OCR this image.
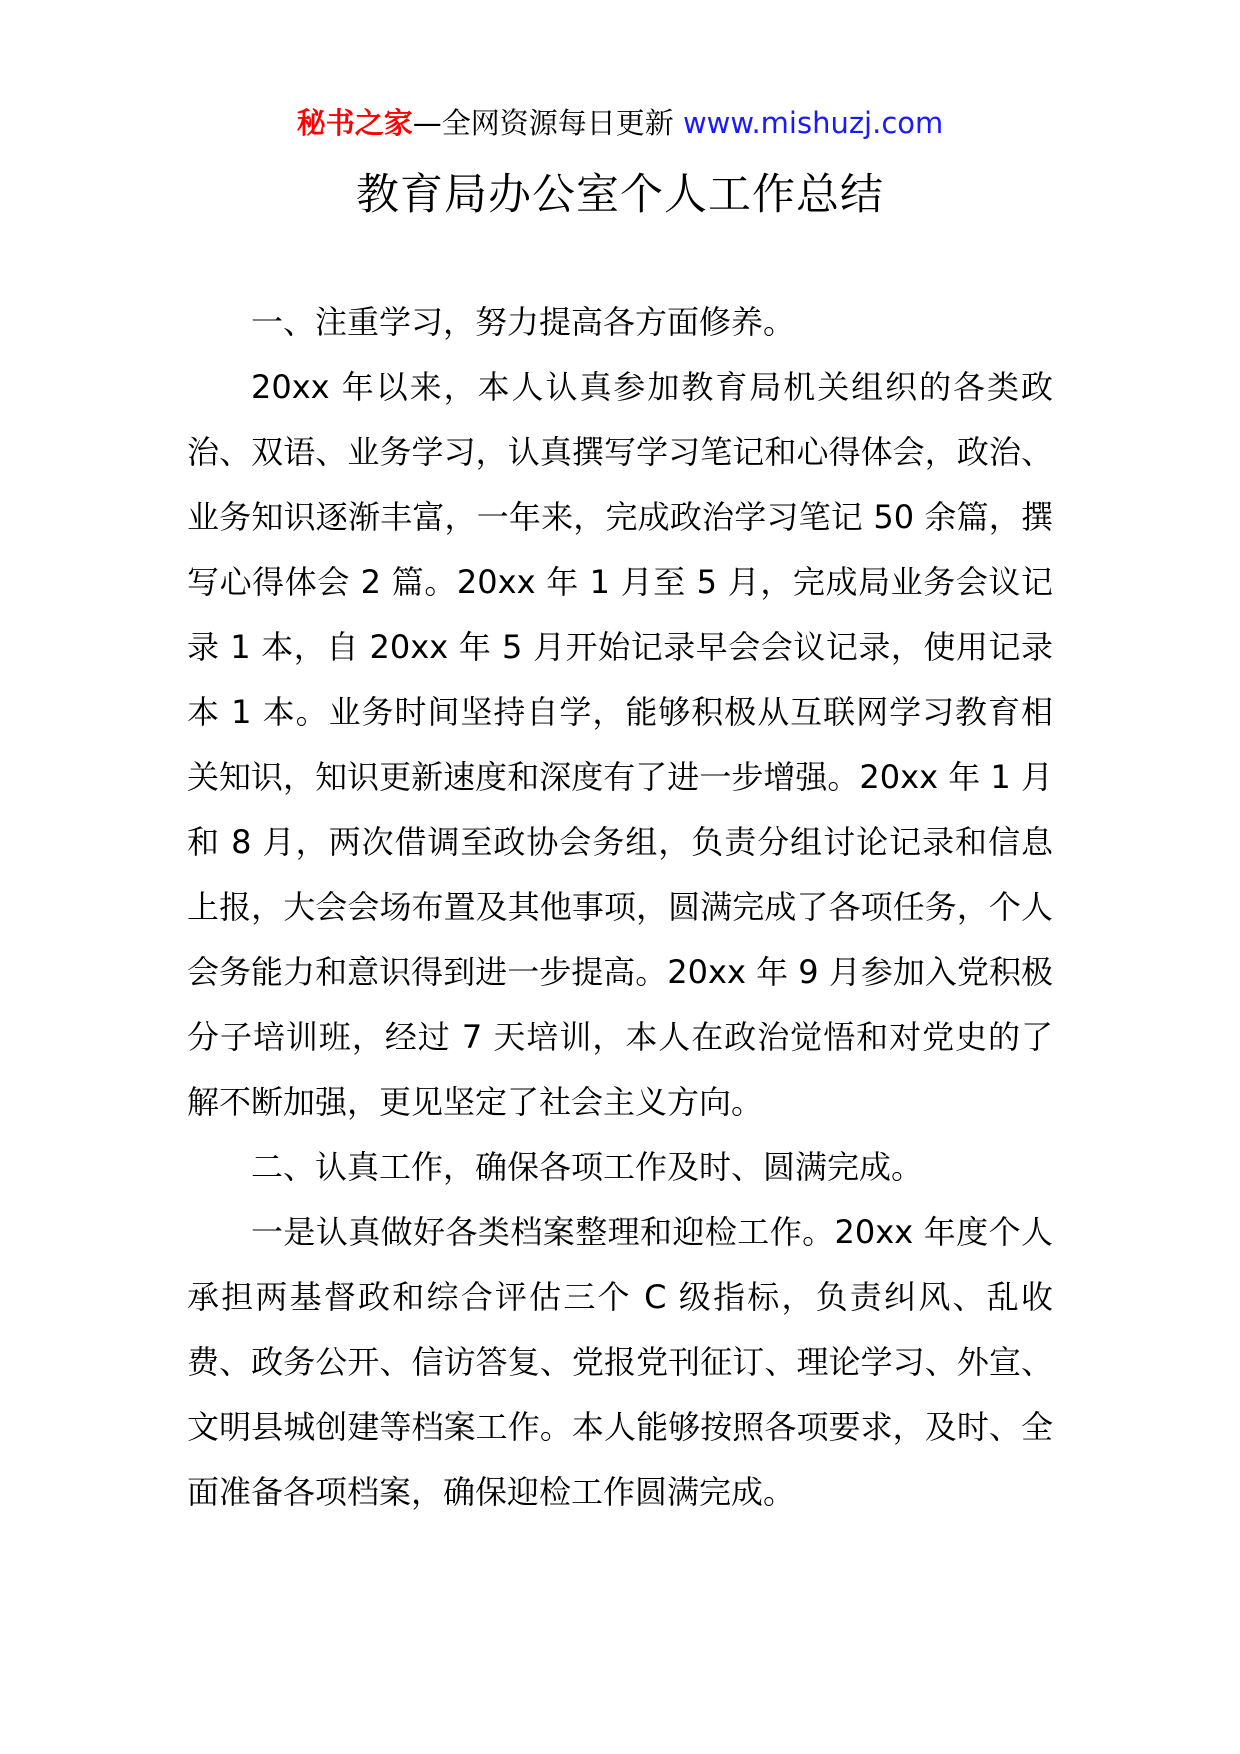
秘书之家—全网资源每日更新 www.mishuzj.com
教育局办公室个人工作总结

一、注重学习，努力提高各方面修养。

20xx 年以来，本人认真参加教育局机关组织的各类政治、双语、业务学习，认真撰写学习笔记和心得体会，政治、业务知识逐渐丰富，一年来，完成政治学习笔记 50 余篇，撰写心得体会 2 篇。20xx 年 1 月至 5 月，完成局业务会议记录 1 本，自 20xx 年 5 月开始记录早会会议记录，使用记录本 1 本。业务时间坚持自学，能够积极从互联网学习教育相关知识，知识更新速度和深度有了进一步增强。20xx 年 1 月和 8 月，两次借调至政协会务组，负责分组讨论记录和信息上报，大会会场布置及其他事项，圆满完成了各项任务，个人会务能力和意识得到进一步提高。20xx 年 9 月参加入党积极分子培训班，经过 7 天培训，本人在政治觉悟和对党史的了解不断加强，更见坚定了社会主义方向。

二、认真工作，确保各项工作及时、圆满完成。

一是认真做好各类档案整理和迎检工作。20xx 年度个人承担两基督政和综合评估三个 C 级指标，负责纠风、乱收费、政务公开、信访答复、党报党刊征订、理论学习、外宣、文明县城创建等档案工作。本人能够按照各项要求，及时、全面准备各项档案，确保迎检工作圆满完成。
